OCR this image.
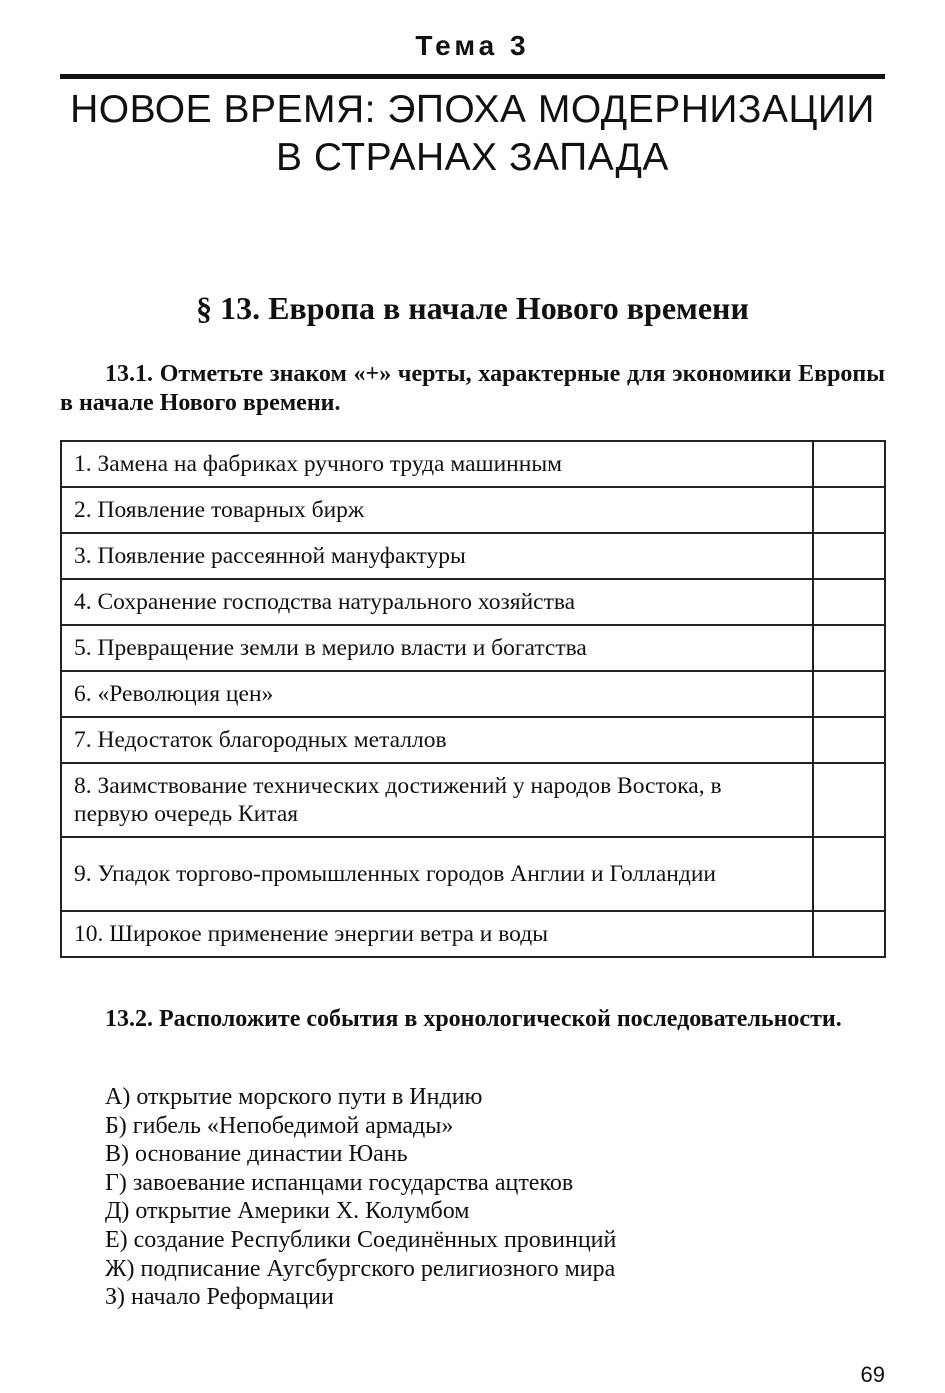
Тема 3
НОВОЕ ВРЕМЯ: ЭПОХА МОДЕРНИЗАЦИИ
В СТРАНАХ ЗАПАДА
§ 13. Европа в начале Нового времени
13.1. Отметьте знаком «+» черты, характерные для экономики Европы в начале Нового времени.
1. Замена на фабриках ручного труда машинным	
2. Появление товарных бирж	
3. Появление рассеянной мануфактуры	
4. Сохранение господства натурального хозяйства	
5. Превращение земли в мерило власти и богатства	
6. «Революция цен»	
7. Недостаток благородных металлов	
8. Заимствование технических достижений у народов Востока, в первую очередь Китая	
9. Упадок торгово-промышленных городов Англии и Голландии	
10. Широкое применение энергии ветра и воды	
13.2. Расположите события в хронологической последовательности.
А) открытие морского пути в Индию
Б) гибель «Непобедимой армады»
В) основание династии Юань
Г) завоевание испанцами государства ацтеков
Д) открытие Америки Х. Колумбом
Е) создание Республики Соединённых провинций
Ж) подписание Аугсбургского религиозного мира
З) начало Реформации
69
